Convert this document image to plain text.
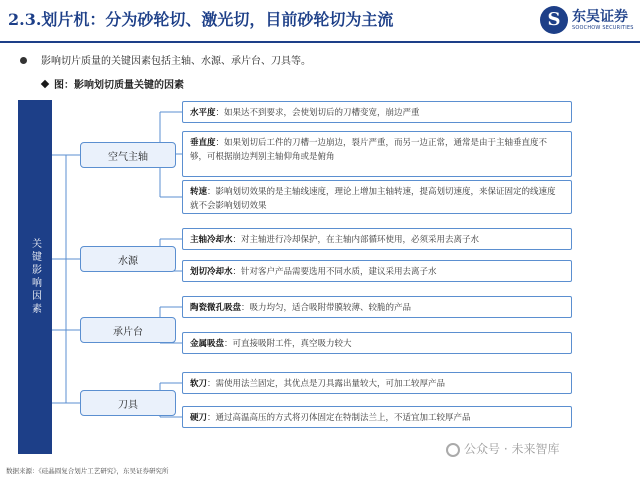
2.3.划片机：分为砂轮切、激光切，目前砂轮切为主流	S 东吴证券
SOOCHOW SECURITIES
影响切片质量的关键因素包括主轴、水源、承片台、刀具等。
图：影响划切质量关键的因素
关键影响因素
空气主轴
水源
承片台
刀具
水平度：如果达不到要求，会使划切后的刀槽变宽，崩边严重
垂直度：如果划切后工件的刀槽一边崩边，裂片严重，而另一边正常，通常是由于主轴垂直度不够，可根据崩边判别主轴仰角或是俯角
转速：影响划切效果的是主轴线速度，理论上增加主轴转速，提高划切速度，来保证固定的线速度就不会影响划切效果
主轴冷却水：对主轴进行冷却保护，在主轴内部循环使用，必须采用去离子水
划切冷却水：针对客户产品需要选用不同水质，建议采用去离子水
陶瓷微孔吸盘：吸力均匀，适合吸附带膜较薄、较脆的产品
金属吸盘：可直接吸附工件，真空吸力较大
软刀：需使用法兰固定，其优点是刀具露出量较大，可加工较厚产品
硬刀：通过高温高压的方式将刃体固定在特制法兰上，不适宜加工较厚产品
公众号 · 未来智库
数据来源：《硅晶圆复合划片工艺研究》，东吴证券研究所
